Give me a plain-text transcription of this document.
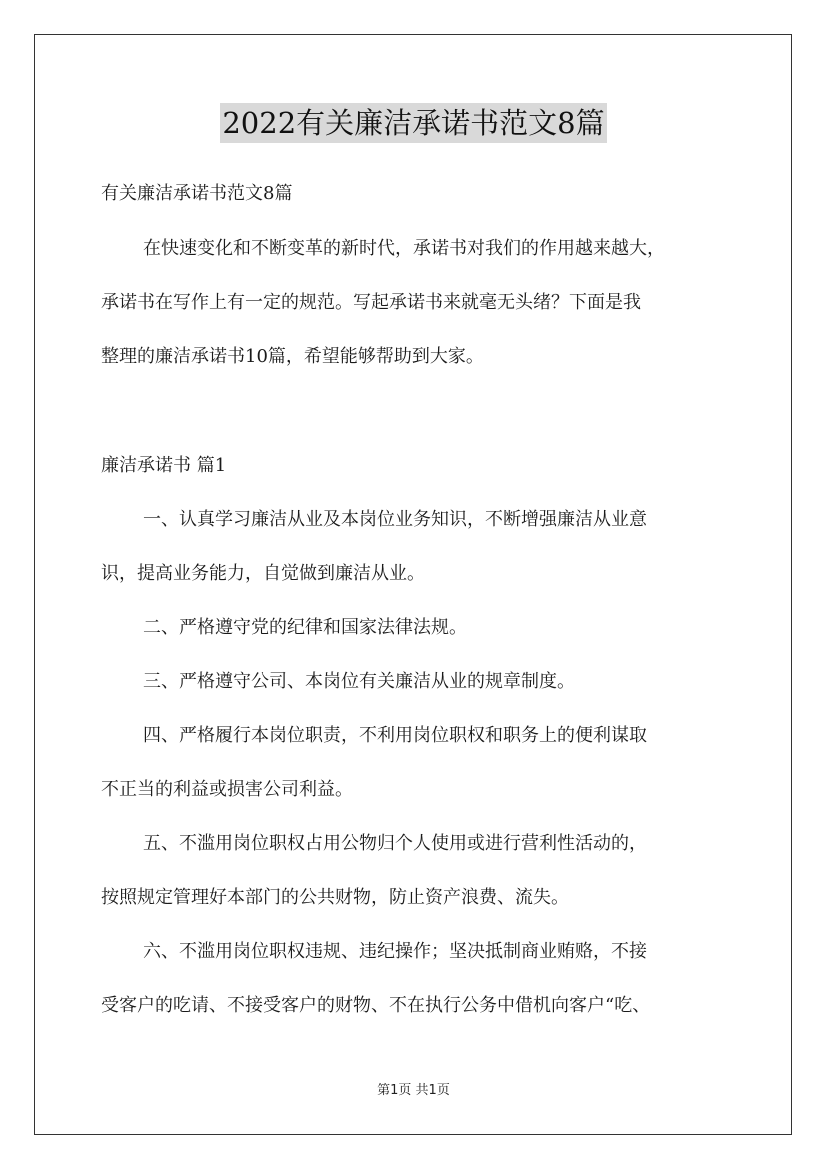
2022有关廉洁承诺书范文8篇
有关廉洁承诺书范文8篇
在快速变化和不断变革的新时代，承诺书对我们的作用越来越大，
承诺书在写作上有一定的规范。写起承诺书来就毫无头绪？下面是我
整理的廉洁承诺书10篇，希望能够帮助到大家。
廉洁承诺书 篇1
一、认真学习廉洁从业及本岗位业务知识，不断增强廉洁从业意
识，提高业务能力，自觉做到廉洁从业。
二、严格遵守党的纪律和国家法律法规。
三、严格遵守公司、本岗位有关廉洁从业的规章制度。
四、严格履行本岗位职责，不利用岗位职权和职务上的便利谋取
不正当的利益或损害公司利益。
五、不滥用岗位职权占用公物归个人使用或进行营利性活动的，
按照规定管理好本部门的公共财物，防止资产浪费、流失。
六、不滥用岗位职权违规、违纪操作；坚决抵制商业贿赂，不接
受客户的吃请、不接受客户的财物、不在执行公务中借机向客户“吃、
第1页 共1页
